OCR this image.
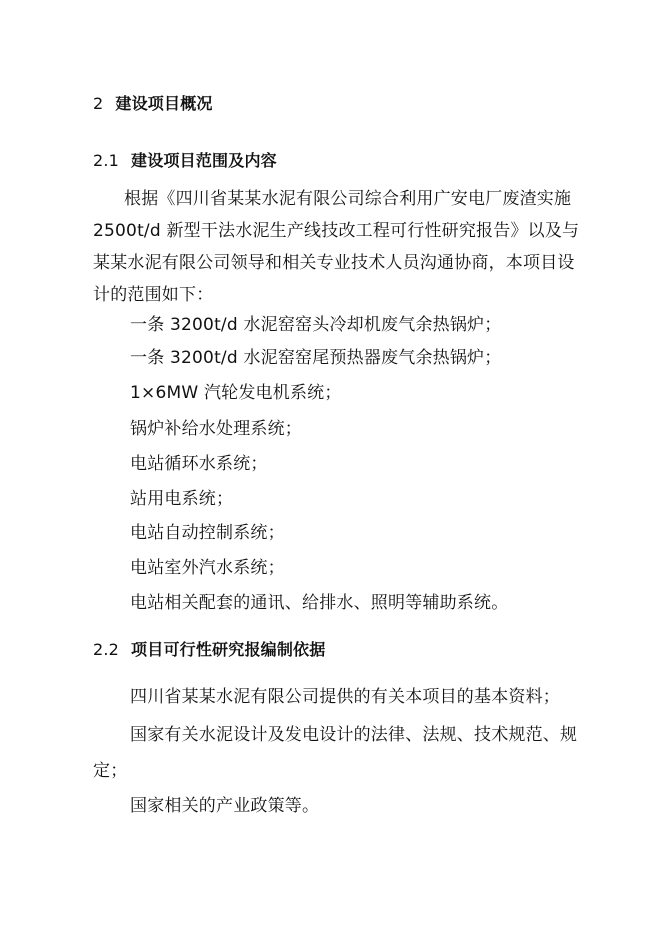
2 建设项目概况
2.1 建设项目范围及内容
根据《四川省某某水泥有限公司综合利用广安电厂废渣实施
2500t/d 新型干法水泥生产线技改工程可行性研究报告》以及与
某某水泥有限公司领导和相关专业技术人员沟通协商，本项目设
计的范围如下：
一条 3200t/d 水泥窑窑头冷却机废气余热锅炉；
一条 3200t/d 水泥窑窑尾预热器废气余热锅炉；
1×6MW 汽轮发电机系统；
锅炉补给水处理系统；
电站循环水系统；
站用电系统；
电站自动控制系统；
电站室外汽水系统；
电站相关配套的通讯、给排水、照明等辅助系统。
2.2 项目可行性研究报编制依据
四川省某某水泥有限公司提供的有关本项目的基本资料；
国家有关水泥设计及发电设计的法律、法规、技术规范、规
定；
国家相关的产业政策等。
